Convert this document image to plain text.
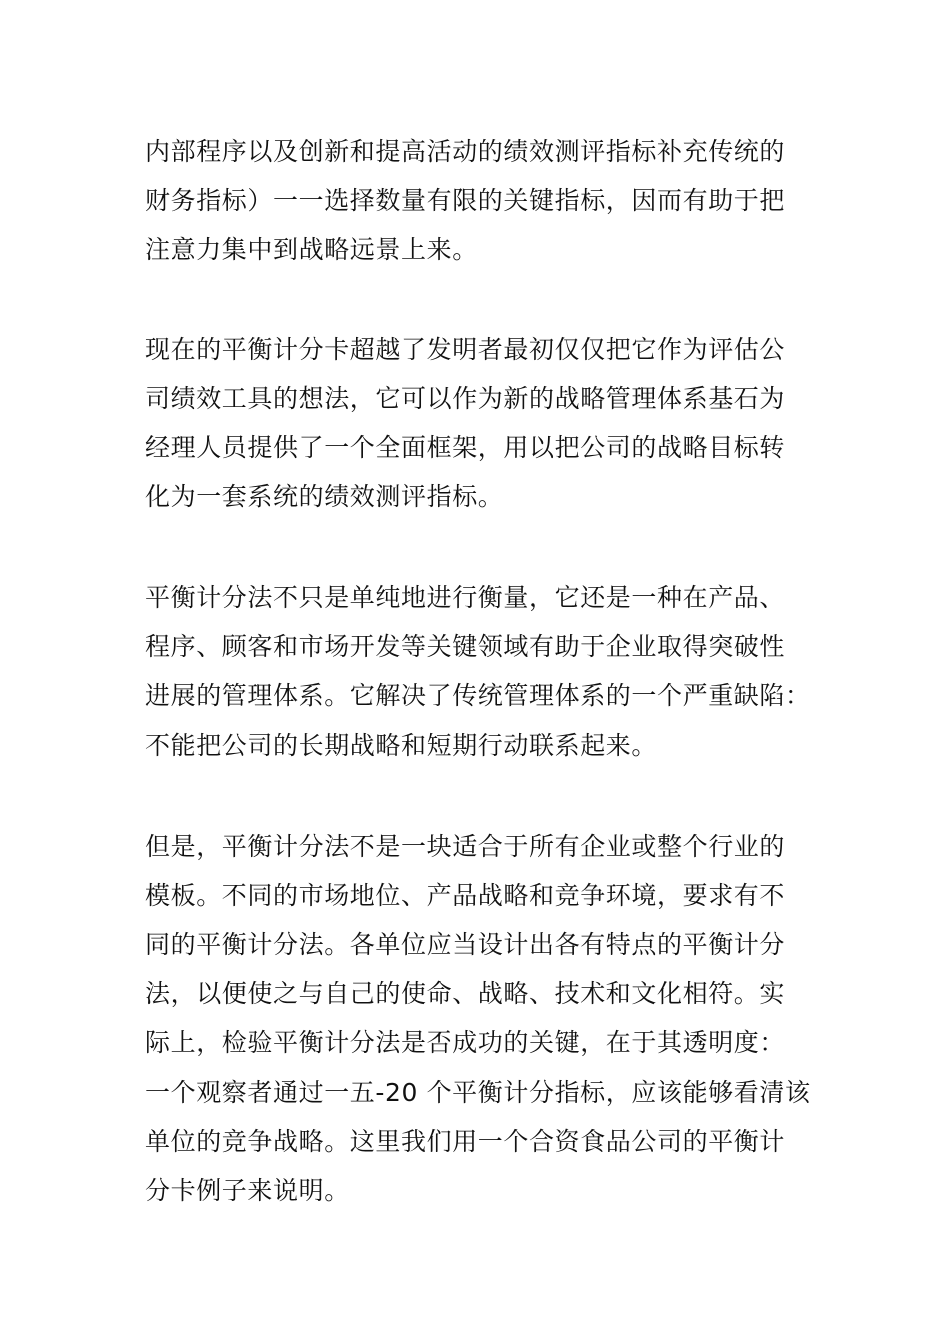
内部程序以及创新和提高活动的绩效测评指标补充传统的
财务指标）一一选择数量有限的关键指标，因而有助于把
注意力集中到战略远景上来。
现在的平衡计分卡超越了发明者最初仅仅把它作为评估公
司绩效工具的想法，它可以作为新的战略管理体系基石为
经理人员提供了一个全面框架，用以把公司的战略目标转
化为一套系统的绩效测评指标。
平衡计分法不只是单纯地进行衡量，它还是一种在产品、
程序、顾客和市场开发等关键领域有助于企业取得突破性
进展的管理体系。它解决了传统管理体系的一个严重缺陷：
不能把公司的长期战略和短期行动联系起来。
但是，平衡计分法不是一块适合于所有企业或整个行业的
模板。不同的市场地位、产品战略和竞争环境，要求有不
同的平衡计分法。各单位应当设计出各有特点的平衡计分
法，以便使之与自己的使命、战略、技术和文化相符。实
际上，检验平衡计分法是否成功的关键，在于其透明度：
一个观察者通过一五-20 个平衡计分指标，应该能够看清该
单位的竞争战略。这里我们用一个合资食品公司的平衡计
分卡例子来说明。
